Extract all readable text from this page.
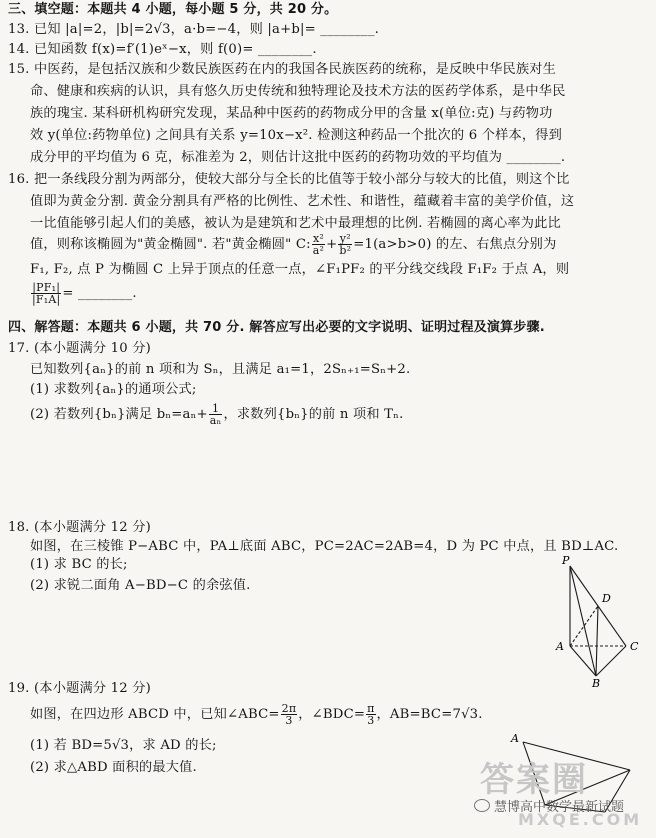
三、填空题：本题共 4 小题，每小题 5 分，共 20 分。
13. 已知 |a|=2，|b|=2√3，a·b=−4，则 |a+b|= ________.
14. 已知函数 f(x)=f′(1)eˣ−x，则 f(0)= ________.
15. 中医药，是包括汉族和少数民族医药在内的我国各民族医药的统称，是反映中华民族对生
命、健康和疾病的认识，具有悠久历史传统和独特理论及技术方法的医药学体系，是中华民
族的瑰宝. 某科研机构研究发现，某品种中医药的药物成分甲的含量 x(单位:克) 与药物功
效 y(单位:药物单位) 之间具有关系 y=10x−x². 检测这种药品一个批次的 6 个样本，得到
成分甲的平均值为 6 克，标准差为 2，则估计这批中医药的药物功效的平均值为 ________.
16. 把一条线段分割为两部分，使较大部分与全长的比值等于较小部分与较大的比值，则这个比
值即为黄金分割. 黄金分割具有严格的比例性、艺术性、和谐性，蕴藏着丰富的美学价值，这
一比值能够引起人们的美感，被认为是建筑和艺术中最理想的比例. 若椭圆的离心率为此比
值，则称该椭圆为"黄金椭圆". 若"黄金椭圆" C: $\frac{\text{x²}}{\text{a²}} + \frac{\text{y²}}{\text{b²}} =1(a>b>0)$ 的左、右焦点分别为
F₁, F₂, 点 P 为椭圆 C 上异于顶点的任意一点，∠F₁PF₂ 的平分线交线段 F₁F₂ 于点 A，则
$\frac{\text{|PF₁|}}{\text{|F₁A|}}$ = ________.
四、解答题：本题共 6 小题，共 70 分. 解答应写出必要的文字说明、证明过程及演算步骤.
17. (本小题满分 10 分)
已知数列{aₙ}的前 n 项和为 Sₙ，且满足 a₁=1，2Sₙ₊₁=Sₙ+2.
(1) 求数列{aₙ}的通项公式;
(2) 若数列{bₙ}满足 $b_n=a_n+ \frac{1}{\text{aₙ}}$ ，求数列{bₙ}的前 n 项和 Tₙ.
18. (本小题满分 12 分)
如图，在三棱锥 P−ABC 中，PA⊥底面 ABC，PC=2AC=2AB=4，D 为 PC 中点，且 BD⊥AC.
(1) 求 BC 的长;
(2) 求锐二面角 A−BD−C 的余弦值.
P
D
A	C
B
19. (本小题满分 12 分)
如图，在四边形 ABCD 中，已知∠ABC= $\frac{2\pi}{3}$ ，∠BDC= $\frac{\pi}{3}$ ，AB=BC=7√3.
(1) 若 BD=5√3，求 AD 的长;
(2) 求△ABD 面积的最大值.
A
答案圈
MXQE.COM
慧博高中数学最新试题
